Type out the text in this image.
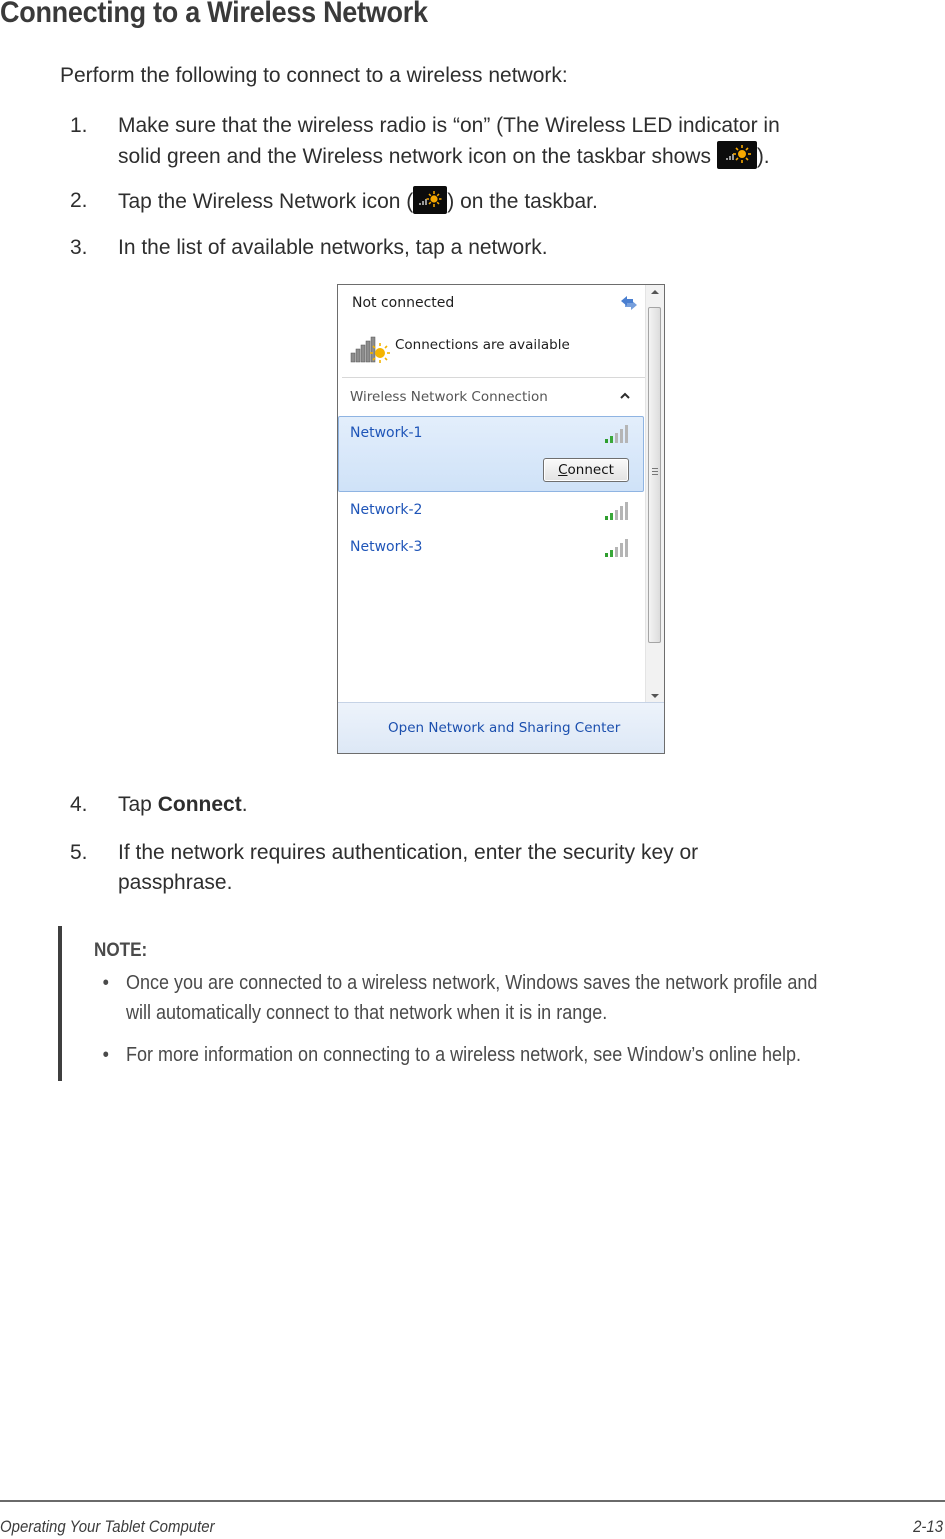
Connecting to a Wireless Network
Perform the following to connect to a wireless network:
1.	Make sure that the wireless radio is “on” (The Wireless LED indicator in
solid green and the Wireless network icon on the taskbar shows
).
2.	Tap the Wireless Network icon ( ) on the taskbar.
3.	In the list of available networks, tap a network.
Not connected
Connections are available
Wireless Network Connection
Network-1
Connect
Network-2
Network-3
Open Network and Sharing Center
4.	Tap Connect.
5.	If the network requires authentication, enter the security key or
passphrase.
NOTE:
• Once you are connected to a wireless network, Windows saves the network profile and
will automatically connect to that network when it is in range.
• For more information on connecting to a wireless network, see Window’s online help.
Operating Your Tablet Computer	2-13
